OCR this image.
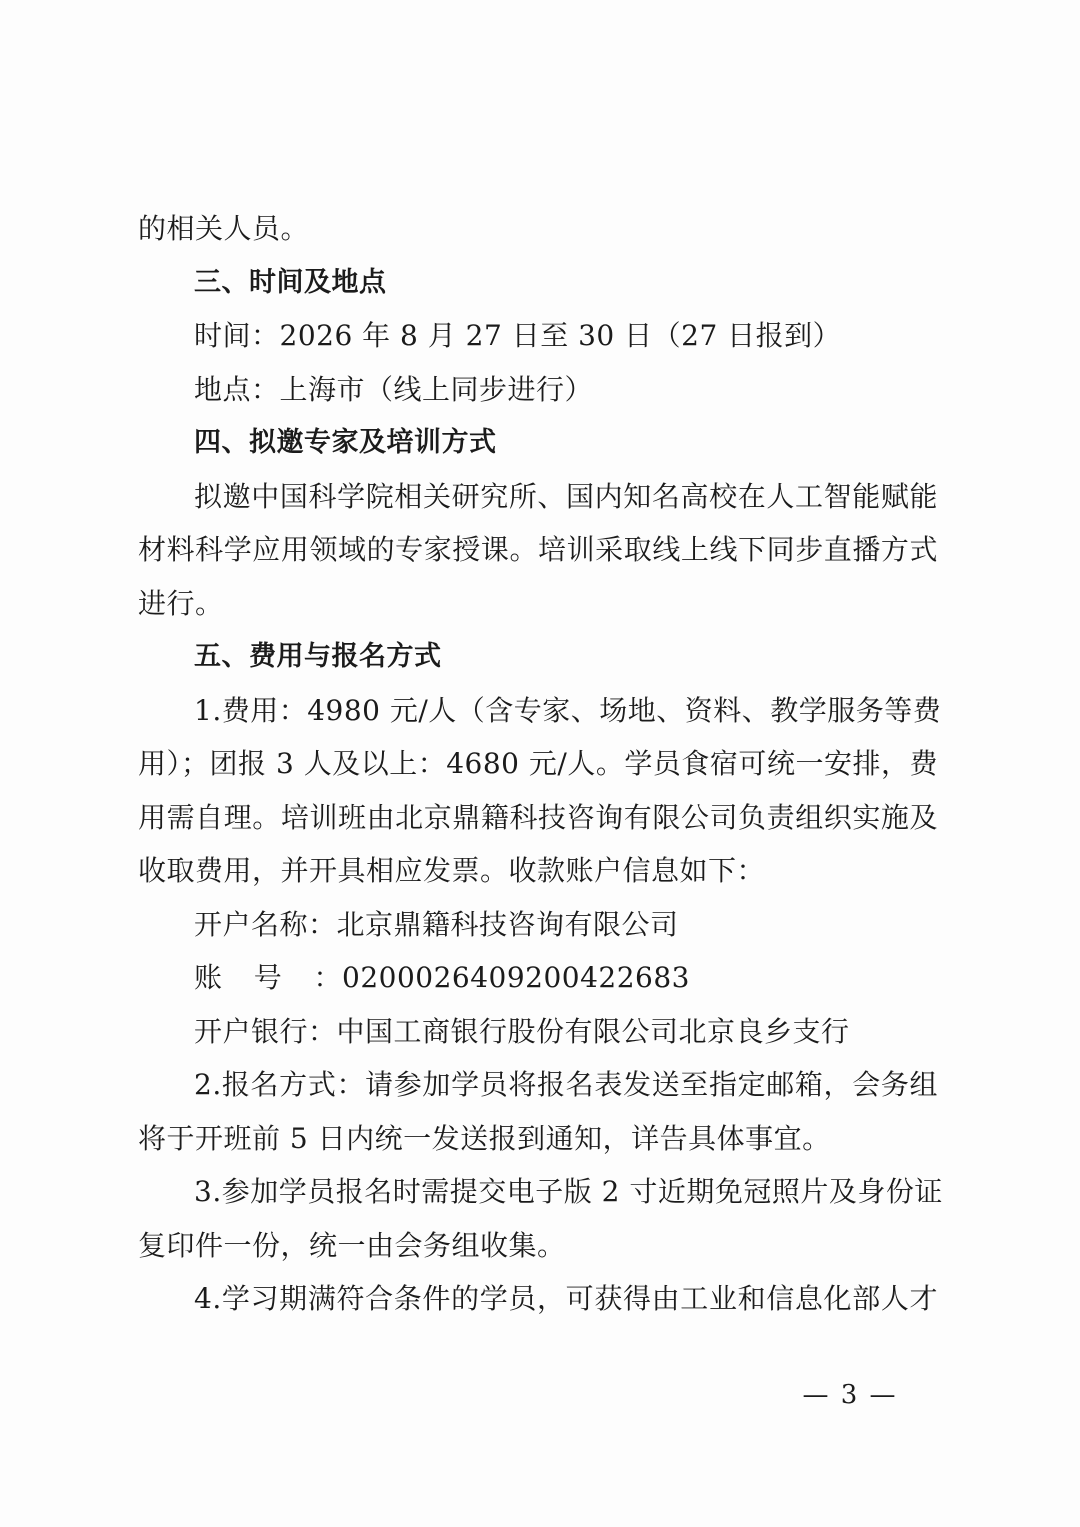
的相关人员。
三、时间及地点
时间：2026 年 8 月 27 日至 30 日（27 日报到）
地点：上海市（线上同步进行）
四、拟邀专家及培训方式
拟邀中国科学院相关研究所、国内知名高校在人工智能赋能
材料科学应用领域的专家授课。培训采取线上线下同步直播方式
进行。
五、费用与报名方式
1.费用：4980 元/人（含专家、场地、资料、教学服务等费
用）；团报 3 人及以上：4680 元/人。学员食宿可统一安排，费
用需自理。培训班由北京鼎籍科技咨询有限公司负责组织实施及
收取费用，并开具相应发票。收款账户信息如下：
开户名称：北京鼎籍科技咨询有限公司
账号：0200026409200422683
开户银行：中国工商银行股份有限公司北京良乡支行
2.报名方式：请参加学员将报名表发送至指定邮箱，会务组
将于开班前 5 日内统一发送报到通知，详告具体事宜。
3.参加学员报名时需提交电子版 2 寸近期免冠照片及身份证
复印件一份，统一由会务组收集。
4.学习期满符合条件的学员，可获得由工业和信息化部人才
— 3 —
